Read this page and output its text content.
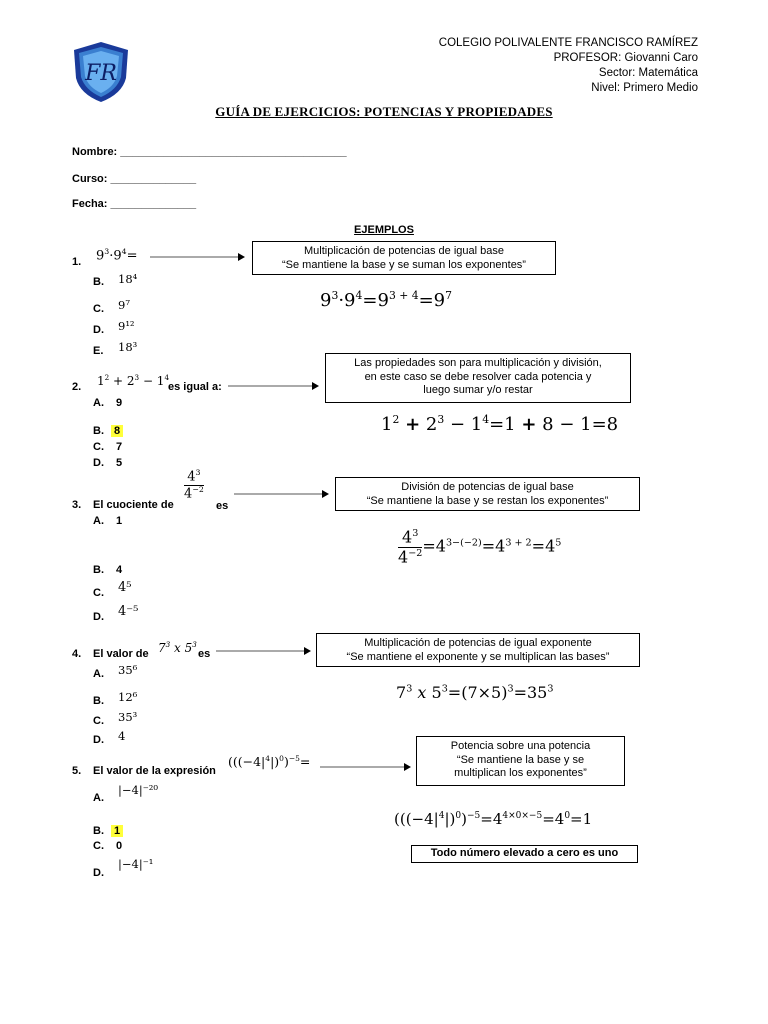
FR
COLEGIO POLIVALENTE FRANCISCO RAMÍREZ
PROFESOR: Giovanni Caro
Sector: Matemática
Nivel: Primero Medio
GUÍA DE EJERCICIOS: POTENCIAS Y PROPIEDADES
Nombre: _____________________________________
Curso: ______________
Fecha: ______________
EJEMPLOS
1. $9^3\cdot 9^4=$	Multiplicación de potencias de igual base
“Se mantiene la base y se suman los exponentes”
$9^3\cdot 9^4=9^{3 + 4}=9^7$
B. 18⁴
C. 9⁷
D. 9¹²
E. 18³
2. $1^2 + 2^3 - 1^4$
es igual a:
Las propiedades son para multiplicación y división,
en este caso se debe resolver cada potencia y
luego sumar y/o restar
$1^2 + 2^3 - 1^4=1 + 8 - 1=8$
A. 9
B. 8
C. 7
D. 5
3. El cuociente de
$\frac{4^3}{4^{-2}}$
es
División de potencias de igual base
“Se mantiene la base y se restan los exponentes”
$\frac{4^3}{4^{-2}} =4^{3-(-2)}=4^{3 + 2}=4^5$
A. 1
B. 4
C. 4⁵
D. 4⁻⁵
4. El valor de $7^3$ x $5^3$
es
Multiplicación de potencias de igual exponente
“Se mantiene el exponente y se multiplican las bases”
$7^3$ x $5^3=(7\times 5)^3=35^3$
A. 35⁶
B. 12⁶
C. 35³
D. 4
5. El valor de la expresión
($((-4|^4|)^0)^{-5}=$
Potencia sobre una potencia
“Se mantiene la base y se
multiplican los exponentes”
($((-4|^4|)^0)^{-5}=4^{4\times 0\times-5}=4^0=1$
Todo número elevado a cero es uno
A.
|−4|⁻²⁰
B. 1
C. 0
D.
|−4|⁻¹
